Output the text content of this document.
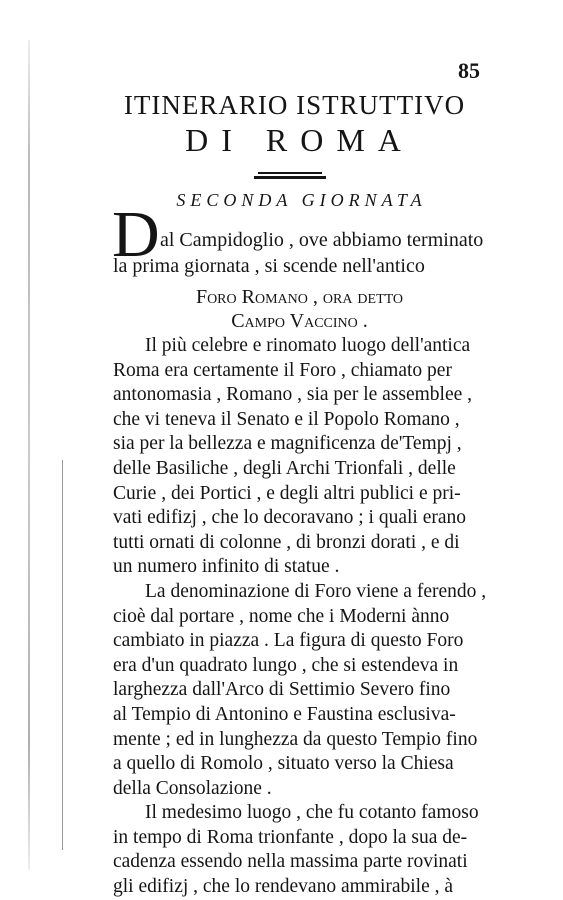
85
ITINERARIO ISTRUTTIVO
DI ROMA
SECONDA GIORNATA
D al Campidoglio , ove abbiamo terminato
la prima giornata , si scende nell'antico
Foro Romano , ora detto
Campo Vaccino .
Il più celebre e rinomato luogo dell'antica
Roma era certamente il Foro , chiamato per
antonomasia , Romano , sia per le assemblee ,
che vi teneva il Senato e il Popolo Romano ,
sia per la bellezza e magnificenza de'Tempj ,
delle Basiliche , degli Archi Trionfali , delle
Curie , dei Portici , e degli altri publici e pri-
vati edifizj , che lo decoravano ; i quali erano
tutti ornati di colonne , di bronzi dorati , e di
un numero infinito di statue .
La denominazione di Foro viene a ferendo ,
cioè dal portare , nome che i Moderni ànno
cambiato in piazza . La figura di questo Foro
era d'un quadrato lungo , che si estendeva in
larghezza dall'Arco di Settimio Severo fino
al Tempio di Antonino e Faustina esclusiva-
mente ; ed in lunghezza da questo Tempio fino
a quello di Romolo , situato verso la Chiesa
della Consolazione .
Il medesimo luogo , che fu cotanto famoso
in tempo di Roma trionfante , dopo la sua de-
cadenza essendo nella massima parte rovinati
gli edifizj , che lo rendevano ammirabile , à
